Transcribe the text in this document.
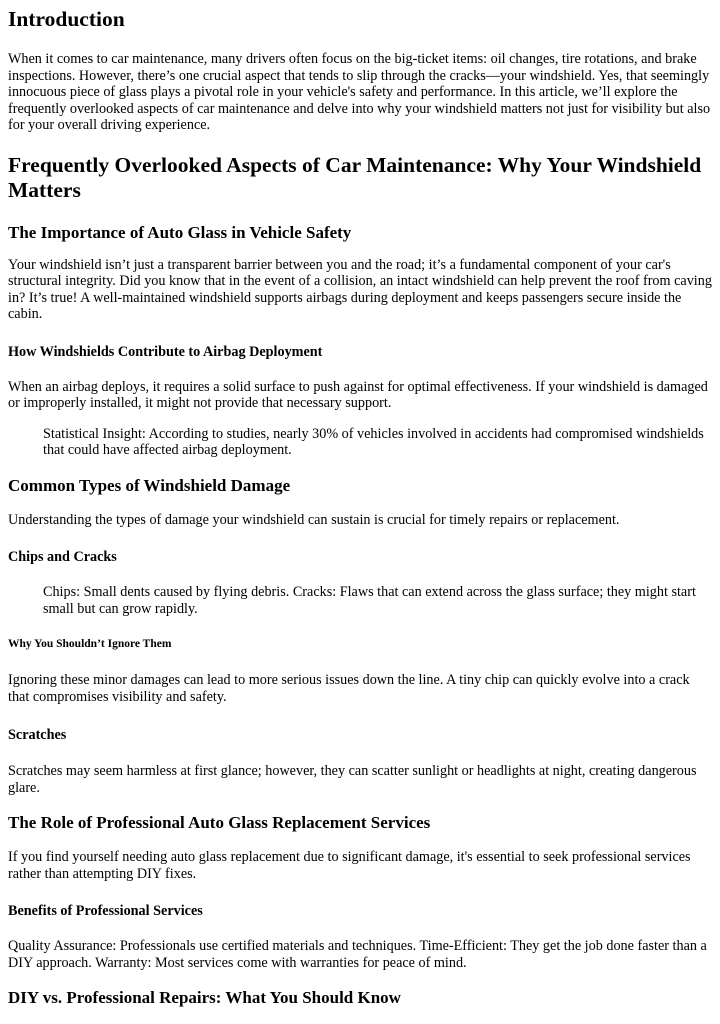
Introduction

When it comes to car maintenance, many drivers often focus on the big-ticket items: oil changes, tire rotations, and brake inspections. However, there’s one crucial aspect that tends to slip through the cracks—your windshield. Yes, that seemingly innocuous piece of glass plays a pivotal role in your vehicle's safety and performance. In this article, we’ll explore the frequently overlooked aspects of car maintenance and delve into why your windshield matters not just for visibility but also for your overall driving experience.

Frequently Overlooked Aspects of Car Maintenance: Why Your Windshield Matters
The Importance of Auto Glass in Vehicle Safety

Your windshield isn’t just a transparent barrier between you and the road; it’s a fundamental component of your car's structural integrity. Did you know that in the event of a collision, an intact windshield can help prevent the roof from caving in? It’s true! A well-maintained windshield supports airbags during deployment and keeps passengers secure inside the cabin.

How Windshields Contribute to Airbag Deployment

When an airbag deploys, it requires a solid surface to push against for optimal effectiveness. If your windshield is damaged or improperly installed, it might not provide that necessary support.

Statistical Insight: According to studies, nearly 30% of vehicles involved in accidents had compromised windshields that could have affected airbag deployment.
Common Types of Windshield Damage

Understanding the types of damage your windshield can sustain is crucial for timely repairs or replacement.

Chips and Cracks
Chips: Small dents caused by flying debris. Cracks: Flaws that can extend across the glass surface; they might start small but can grow rapidly.
Why You Shouldn’t Ignore Them

Ignoring these minor damages can lead to more serious issues down the line. A tiny chip can quickly evolve into a crack that compromises visibility and safety.

Scratches

Scratches may seem harmless at first glance; however, they can scatter sunlight or headlights at night, creating dangerous glare.

The Role of Professional Auto Glass Replacement Services

If you find yourself needing auto glass replacement due to significant damage, it's essential to seek professional services rather than attempting DIY fixes.

Benefits of Professional Services

Quality Assurance: Professionals use certified materials and techniques. Time-Efficient: They get the job done faster than a DIY approach. Warranty: Most services come with warranties for peace of mind.

DIY vs. Professional Repairs: What You Should Know
